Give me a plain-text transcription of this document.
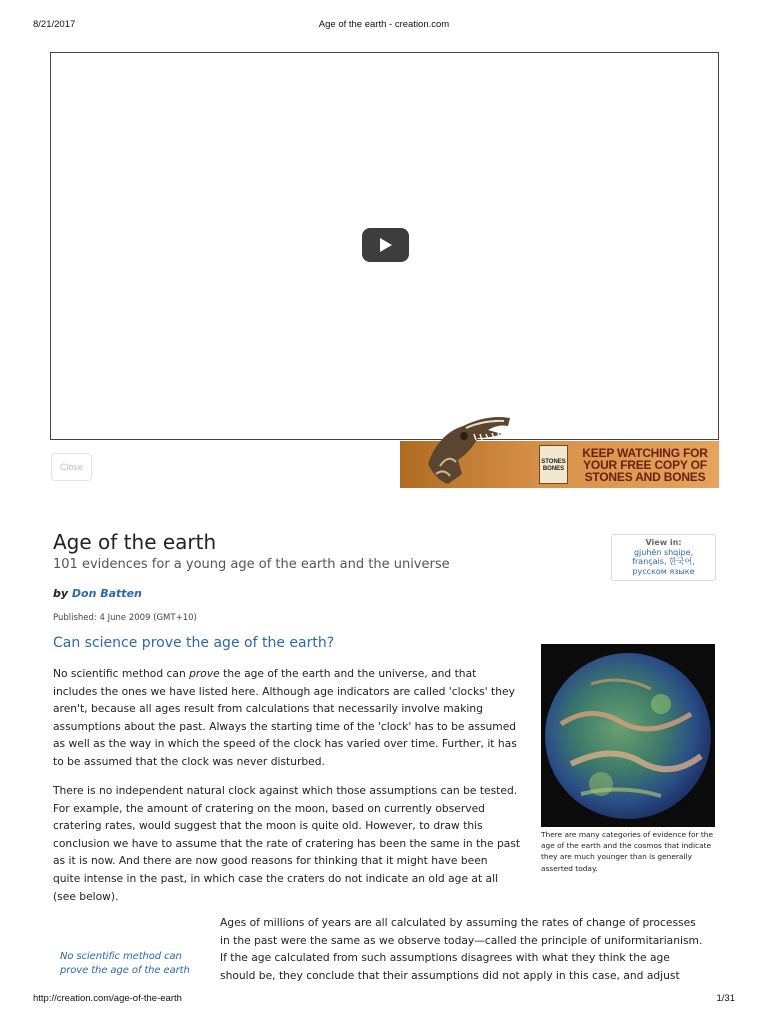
8/21/2017	Age of the earth - creation.com
Close	STONES BONES
KEEP WATCHING FOR
YOUR FREE COPY OF
STONES AND BONES
Age of the earth
101 evidences for a young age of the earth and the universe
by Don Batten
Published: 4 June 2009 (GMT+10)
View in:
gjuhën shqipe,
français, 한국어,
русском языке
Can science prove the age of the earth?
No scientific method can prove the age of the earth and the universe, and that
includes the ones we have listed here. Although age indicators are called 'clocks' they
aren't, because all ages result from calculations that necessarily involve making
assumptions about the past. Always the starting time of the 'clock' has to be assumed
as well as the way in which the speed of the clock has varied over time. Further, it has
to be assumed that the clock was never disturbed.
There is no independent natural clock against which those assumptions can be tested.
For example, the amount of cratering on the moon, based on currently observed
cratering rates, would suggest that the moon is quite old. However, to draw this
conclusion we have to assume that the rate of cratering has been the same in the past
as it is now. And there are now good reasons for thinking that it might have been
quite intense in the past, in which case the craters do not indicate an old age at all
(see below).
There are many categories of evidence for the age of the earth and the cosmos that indicate they are much younger than is generally asserted today.
No scientific method can
prove the age of the earth
Ages of millions of years are all calculated by assuming the rates of change of processes
in the past were the same as we observe today—called the principle of uniformitarianism.
If the age calculated from such assumptions disagrees with what they think the age
should be, they conclude that their assumptions did not apply in this case, and adjust
http://creation.com/age-of-the-earth	1/31
